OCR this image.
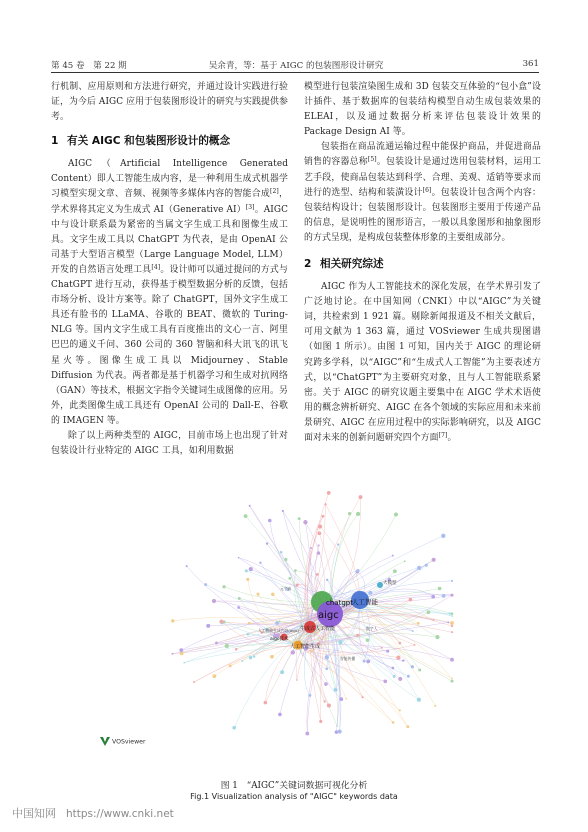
第 45 卷　第 22 期	吴余青，等：基于 AIGC 的包装图形设计研究	361

行机制、应用原则和方法进行研究，并通过设计实践进行验证，为今后 AIGC 应用于包装图形设计的研究与实践提供参考。

1 有关 AIGC 和包装图形设计的概念

AIGC（Artificial Intelligence Generated Content）即人工智能生成内容，是一种利用生成式机器学习模型实现文章、音频、视频等多媒体内容的智能合成[2]，学术界将其定义为生成式 AI（Generative AI）[3]。AIGC 中与设计联系最为紧密的当属文字生成工具和图像生成工具。文字生成工具以 ChatGPT 为代表，是由 OpenAI 公司基于大型语言模型（Large Language Model, LLM）开发的自然语言处理工具[4]。设计师可以通过提问的方式与 ChatGPT 进行互动，获得基于模型数据分析的反馈，包括市场分析、设计方案等。除了 ChatGPT，国外文字生成工具还有脸书的 LLaMA、谷歌的 BEAT、微软的 Turing-NLG 等。国内文字生成工具有百度推出的文心一言、阿里巴巴的通义千问、360 公司的 360 智脑和科大讯飞的讯飞星火等。图像生成工具以 Midjourney、Stable Diffusion 为代表。两者都是基于机器学习和生成对抗网络（GAN）等技术，根据文字指令关键词生成图像的应用。另外，此类图像生成工具还有 OpenAI 公司的 Dall-E、谷歌的 IMAGEN 等。

除了以上两种类型的 AIGC，目前市场上也出现了针对包装设计行业特定的 AIGC 工具，如利用数据

模型进行包装渲染图生成和 3D 包装交互体验的“包小盒”设计插件、基于数据库的包装结构模型自动生成包装效果的 ELEAI，以及通过数据分析来评估包装设计效果的 Package Design AI 等。

包装指在商品流通运输过程中能保护商品，并促进商品销售的容器总称[5]。包装设计是通过选用包装材料，运用工艺手段，使商品包装达到科学、合理、美观、适销等要求而进行的选型、结构和装潢设计[6]。包装设计包含两个内容：包装结构设计；包装图形设计。包装图形主要用于传递产品的信息，是说明性的图形语言，一般以具象图形和抽象图形的方式呈现，是构成包装整体形象的主要组成部分。

2 相关研究综述

AIGC 作为人工智能技术的深化发展，在学术界引发了广泛地讨论。在中国知网（CNKI）中以“AIGC”为关键词，共检索到 1 921 篇。剔除新闻报道及不相关文献后，可用文献为 1 363 篇，通过 VOSviewer 生成共现图谱（如图 1 所示）。由图 1 可知，国内关于 AIGC 的理论研究跨多学科，以“AIGC”和“生成式人工智能”为主要表述方式，以“ChatGPT”为主要研究对象，且与人工智能联系紧密。关于 AIGC 的研究议题主要集中在 AIGC 学术术语使用的概念辨析研究、AIGC 在各个领域的实际应用和未来前景研究、AIGC 在应用过程中的实际影响研究，以及 AIGC 面对未来的创新问题研究四个方面[7]。

chatgpt
aigc
人工智能
生成式人工智能
人工智能生成
aigc技术
大模型
人工智能生成内容(aigc)	数字人
元宇宙
智能传播
VOSviewer
图 1　“AIGC”关键词数据可视化分析
Fig.1 Visualization analysis of "AIGC" keywords data
中国知网 https://www.cnki.net
